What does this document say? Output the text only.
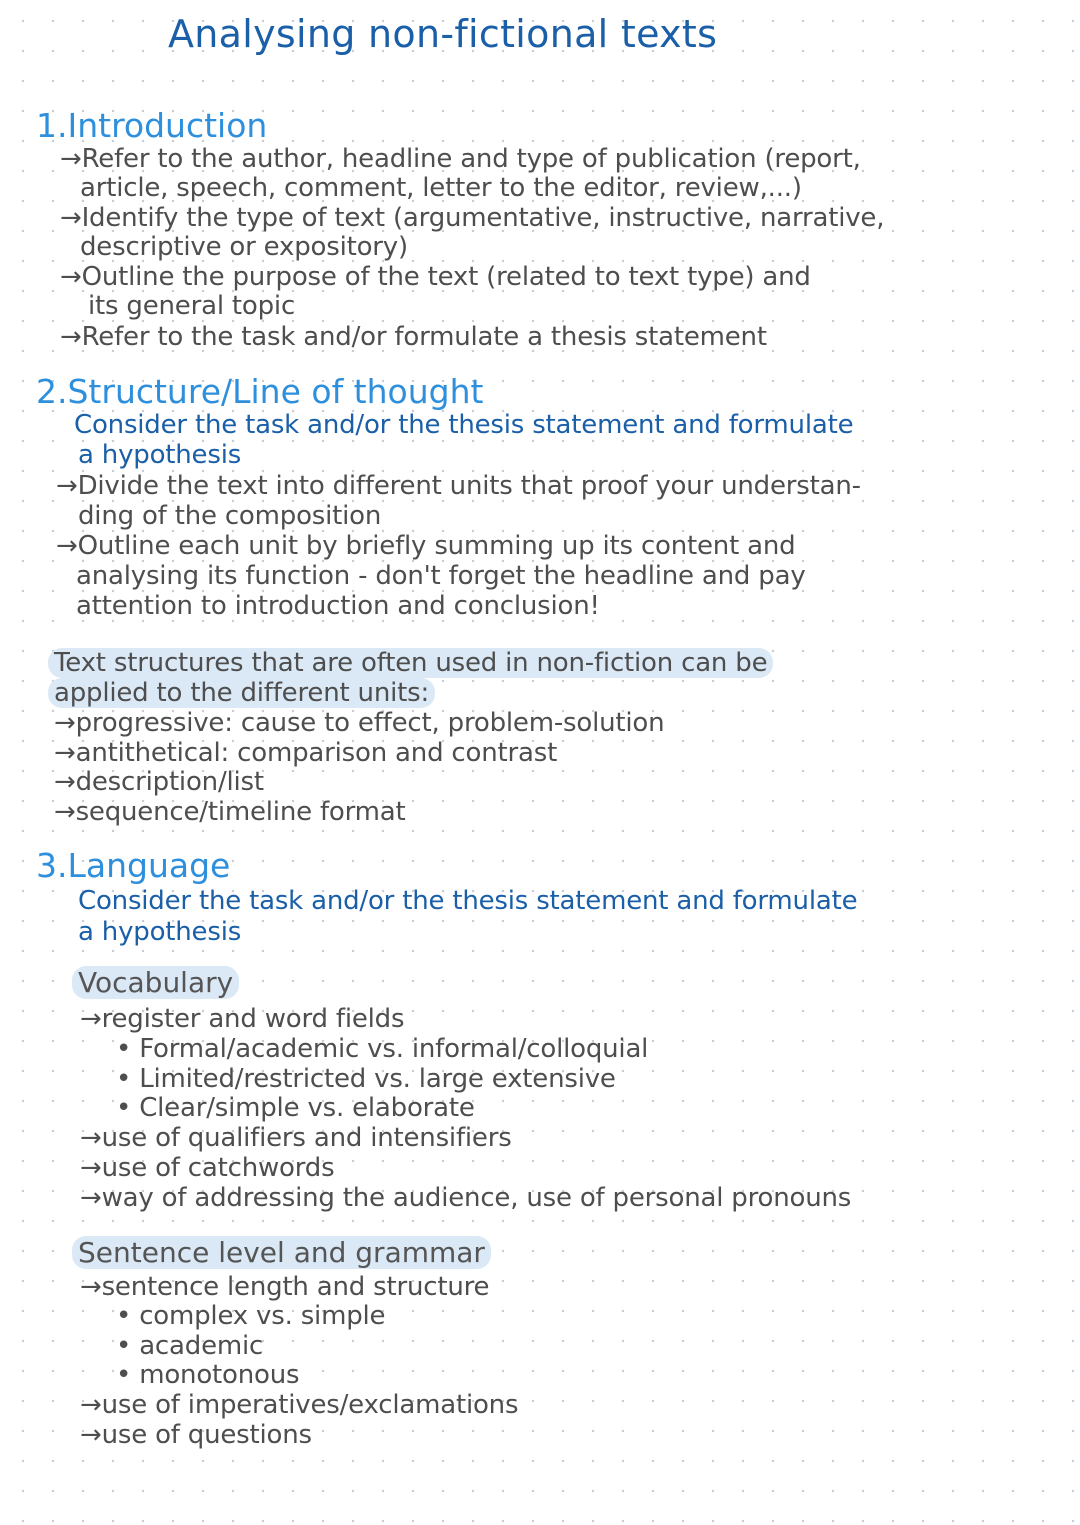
Analysing non-fictional texts
1.Introduction
→Refer to the author, headline and type of publication (report,
article, speech, comment, letter to the editor, review,...)
→Identify the type of text (argumentative, instructive, narrative,
descriptive or expository)
→Outline the purpose of the text (related to text type) and
its general topic
→Refer to the task and/or formulate a thesis statement
2.Structure/Line of thought
Consider the task and/or the thesis statement and formulate
a hypothesis
→Divide the text into different units that proof your understan-
ding of the composition
→Outline each unit by briefly summing up its content and
analysing its function - don't forget the headline and pay
attention to introduction and conclusion!
Text structures that are often used in non-fiction can be
applied to the different units:
→progressive: cause to effect, problem-solution
→antithetical: comparison and contrast
→description/list
→sequence/timeline format
3.Language
Consider the task and/or the thesis statement and formulate
a hypothesis
Vocabulary
→register and word fields
• Formal/academic vs. informal/colloquial
• Limited/restricted vs. large extensive
• Clear/simple vs. elaborate
→use of qualifiers and intensifiers
→use of catchwords
→way of addressing the audience, use of personal pronouns
Sentence level and grammar
→sentence length and structure
• complex vs. simple
• academic
• monotonous
→use of imperatives/exclamations
→use of questions
